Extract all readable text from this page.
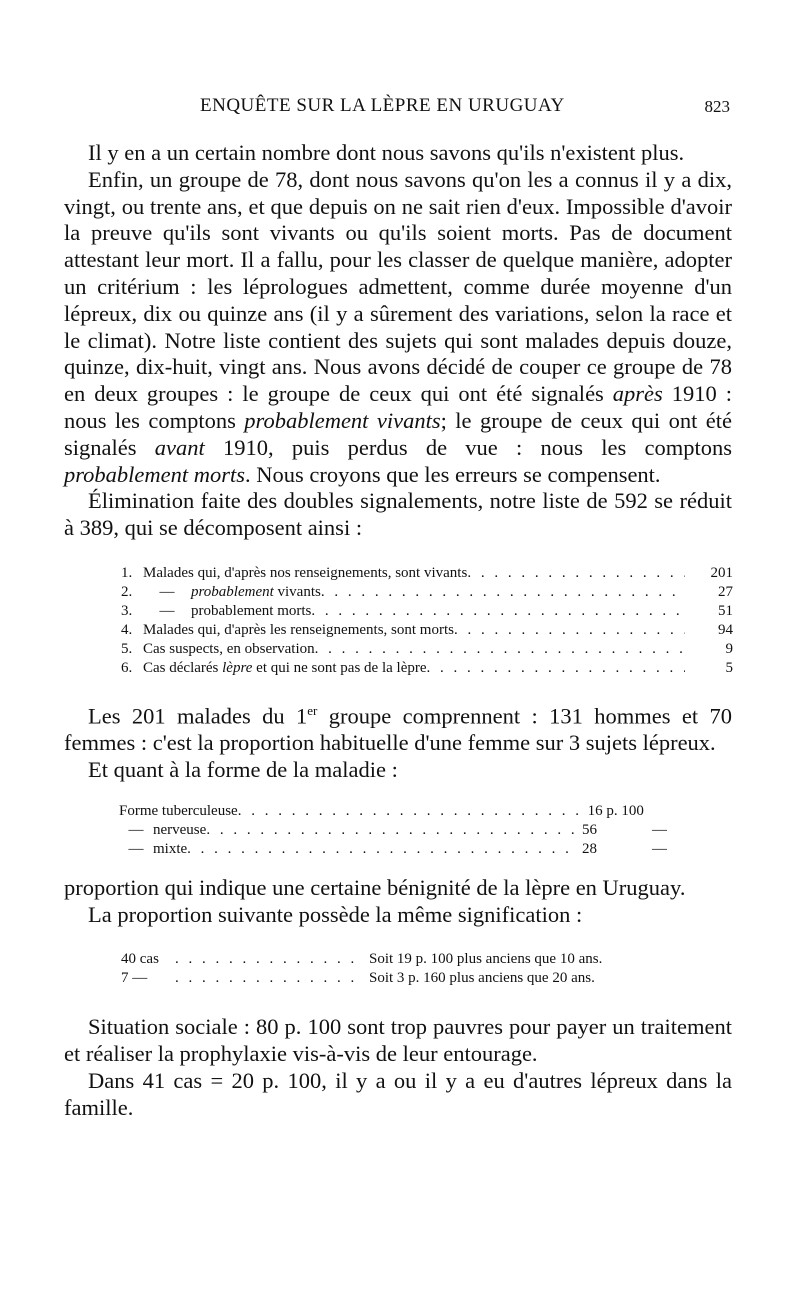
ENQUÊTE SUR LA LÈPRE EN URUGUAY	823

Il y en a un certain nombre dont nous savons qu'ils n'existent plus.

Enfin, un groupe de 78, dont nous savons qu'on les a connus il y a dix, vingt, ou trente ans, et que depuis on ne sait rien d'eux. Impossible d'avoir la preuve qu'ils sont vivants ou qu'ils soient morts. Pas de document attestant leur mort. Il a fallu, pour les classer de quelque manière, adopter un critérium : les léprologues admettent, comme durée moyenne d'un lépreux, dix ou quinze ans (il y a sûrement des variations, selon la race et le climat). Notre liste contient des sujets qui sont malades depuis douze, quinze, dix-huit, vingt ans. Nous avons décidé de couper ce groupe de 78 en deux groupes : le groupe de ceux qui ont été signalés après 1910 : nous les comptons probablement vivants; le groupe de ceux qui ont été signalés avant 1910, puis perdus de vue : nous les comptons probablement morts. Nous croyons que les erreurs se compensent.

Élimination faite des doubles signalements, notre liste de 592 se réduit à 389, qui se décomposent ainsi :

1. Malades qui, d'après nos renseignements, sont vivants . . .	201
2. — probablement vivants . . .	27
3. — probablement morts . . .	51
4. Malades qui, d'après les renseignements, sont morts . . .	94
5. Cas suspects, en observation . . .	9
6. Cas déclarés lèpre et qui ne sont pas de la lèpre . . .	5

Les 201 malades du 1er groupe comprennent : 131 hommes et 70 femmes : c'est la proportion habituelle d'une femme sur 3 sujets lépreux.

Et quant à la forme de la maladie :

Forme tuberculeuse . . .	16 p. 100
— nerveuse . . .	56	—
— mixte . . .	28	—

proportion qui indique une certaine bénignité de la lèpre en Uruguay.

La proportion suivante possède la même signification :

40 cas . . .	Soit 19 p. 100 plus anciens que 10 ans.
7 — . . .	Soit 3 p. 160 plus anciens que 20 ans.

Situation sociale : 80 p. 100 sont trop pauvres pour payer un traitement et réaliser la prophylaxie vis-à-vis de leur entourage.

Dans 41 cas = 20 p. 100, il y a ou il y a eu d'autres lépreux dans la famille.
